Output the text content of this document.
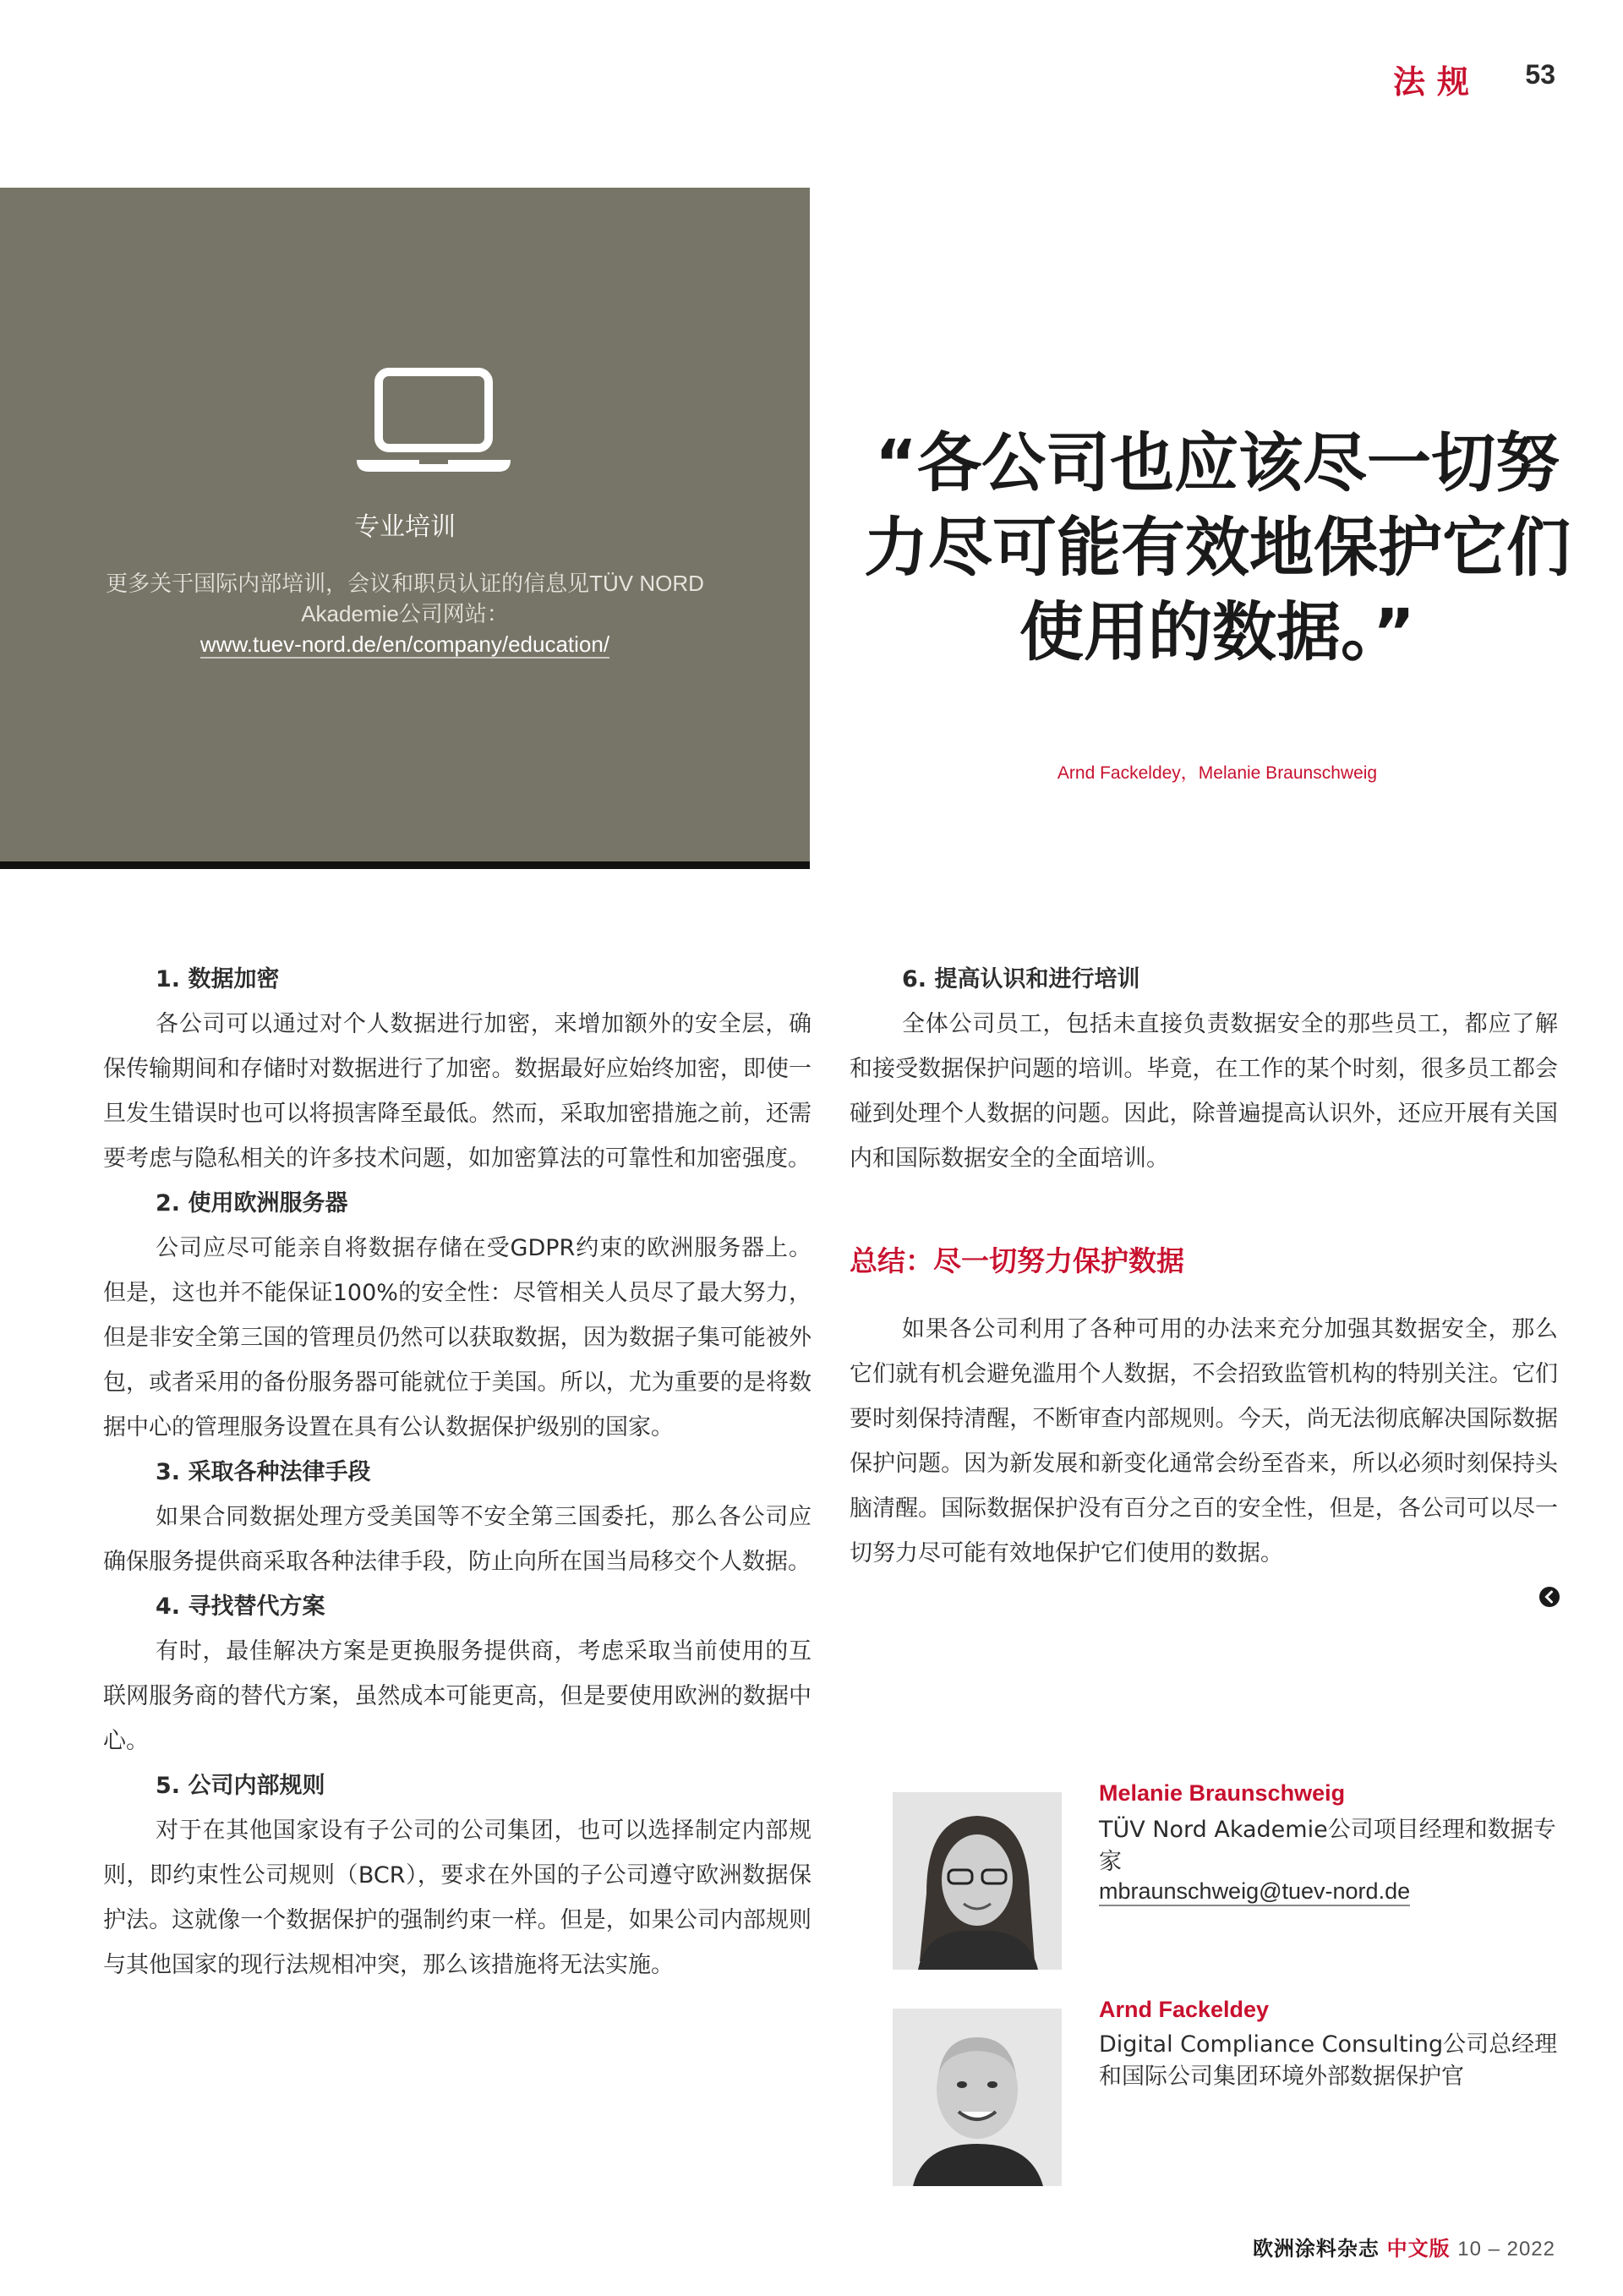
法规 53
专业培训
更多关于国际内部培训，会议和职员认证的信息见TÜV NORD Akademie公司网站：
www.tuev-nord.de/en/company/education/
“各公司也应该尽一切努力尽可能有效地保护它们使用的数据。”
Arnd Fackeldey，Melanie Braunschweig
1. 数据加密

各公司可以通过对个人数据进行加密，来增加额外的安全层，确保传输期间和存储时对数据进行了加密。数据最好应始终加密，即使一旦发生错误时也可以将损害降至最低。然而，采取加密措施之前，还需要考虑与隐私相关的许多技术问题，如加密算法的可靠性和加密强度。

2. 使用欧洲服务器

公司应尽可能亲自将数据存储在受GDPR约束的欧洲服务器上。但是，这也并不能保证100%的安全性：尽管相关人员尽了最大努力，但是非安全第三国的管理员仍然可以获取数据，因为数据子集可能被外包，或者采用的备份服务器可能就位于美国。所以，尤为重要的是将数据中心的管理服务设置在具有公认数据保护级别的国家。

3. 采取各种法律手段

如果合同数据处理方受美国等不安全第三国委托，那么各公司应确保服务提供商采取各种法律手段，防止向所在国当局移交个人数据。

4. 寻找替代方案

有时，最佳解决方案是更换服务提供商，考虑采取当前使用的互联网服务商的替代方案，虽然成本可能更高，但是要使用欧洲的数据中心。

5. 公司内部规则

对于在其他国家设有子公司的公司集团，也可以选择制定内部规则，即约束性公司规则（BCR），要求在外国的子公司遵守欧洲数据保护法。这就像一个数据保护的强制约束一样。但是，如果公司内部规则与其他国家的现行法规相冲突，那么该措施将无法实施。

6. 提高认识和进行培训

全体公司员工，包括未直接负责数据安全的那些员工，都应了解和接受数据保护问题的培训。毕竟，在工作的某个时刻，很多员工都会碰到处理个人数据的问题。因此，除普遍提高认识外，还应开展有关国内和国际数据安全的全面培训。

总结：尽一切努力保护数据

如果各公司利用了各种可用的办法来充分加强其数据安全，那么它们就有机会避免滥用个人数据，不会招致监管机构的特别关注。它们要时刻保持清醒，不断审查内部规则。今天，尚无法彻底解决国际数据保护问题。因为新发展和新变化通常会纷至沓来，所以必须时刻保持头脑清醒。国际数据保护没有百分之百的安全性，但是，各公司可以尽一切努力尽可能有效地保护它们使用的数据。

Melanie Braunschweig
TÜV Nord Akademie公司项目经理和数据专家
mbraunschweig@tuev-nord.de
Arnd Fackeldey
Digital Compliance Consulting公司总经理和国际公司集团环境外部数据保护官
欧洲涂料杂志 中文版 10 – 2022
